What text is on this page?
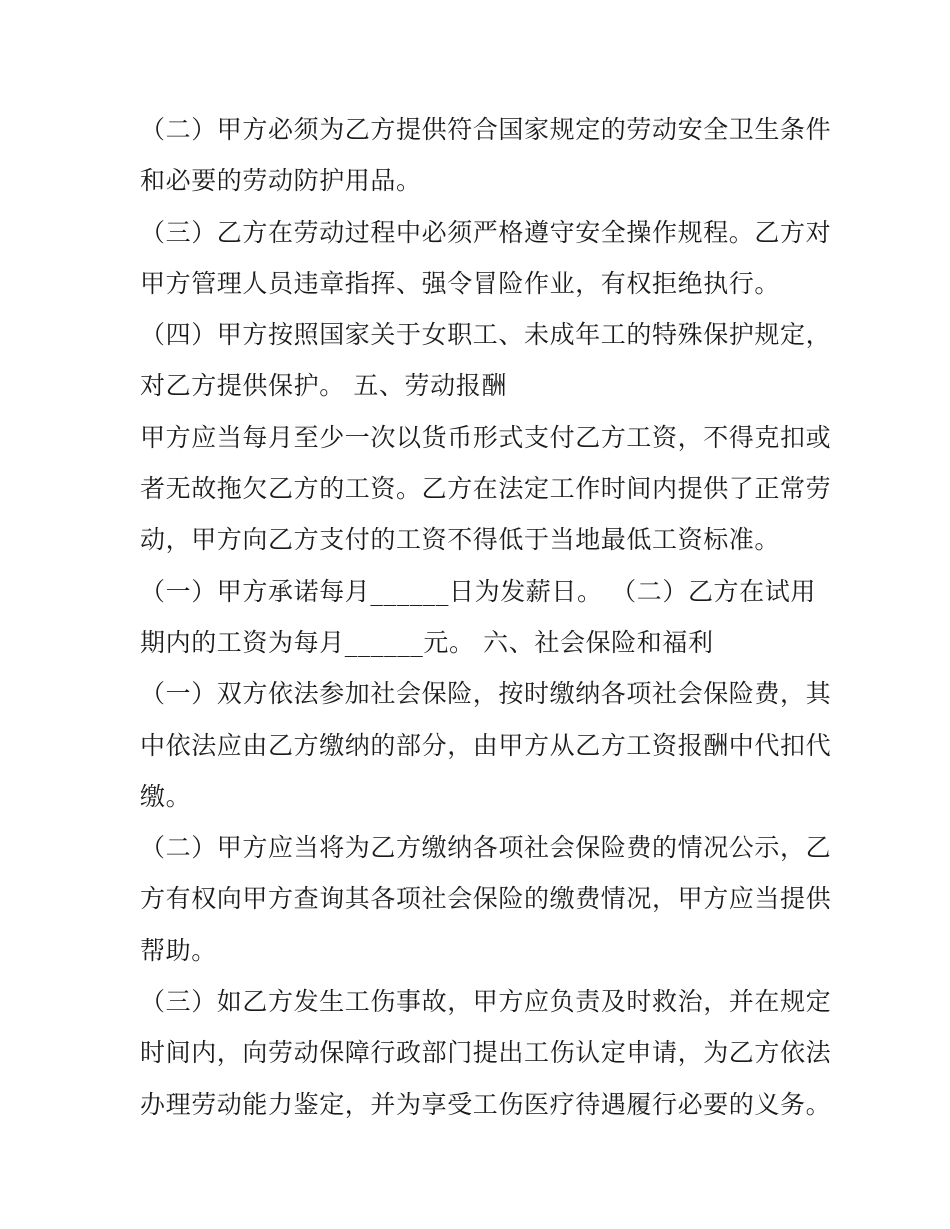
（二）甲方必须为乙方提供符合国家规定的劳动安全卫生条件
和必要的劳动防护用品。
（三）乙方在劳动过程中必须严格遵守安全操作规程。乙方对
甲方管理人员违章指挥、强令冒险作业，有权拒绝执行。
（四）甲方按照国家关于女职工、未成年工的特殊保护规定，
对乙方提供保护。 五、劳动报酬
甲方应当每月至少一次以货币形式支付乙方工资，不得克扣或
者无故拖欠乙方的工资。乙方在法定工作时间内提供了正常劳
动，甲方向乙方支付的工资不得低于当地最低工资标准。
（一）甲方承诺每月______日为发薪日。 （二）乙方在试用
期内的工资为每月______元。 六、社会保险和福利
（一）双方依法参加社会保险，按时缴纳各项社会保险费，其
中依法应由乙方缴纳的部分，由甲方从乙方工资报酬中代扣代
缴。
（二）甲方应当将为乙方缴纳各项社会保险费的情况公示，乙
方有权向甲方查询其各项社会保险的缴费情况，甲方应当提供
帮助。
（三）如乙方发生工伤事故，甲方应负责及时救治，并在规定
时间内，向劳动保障行政部门提出工伤认定申请，为乙方依法
办理劳动能力鉴定，并为享受工伤医疗待遇履行必要的义务。
